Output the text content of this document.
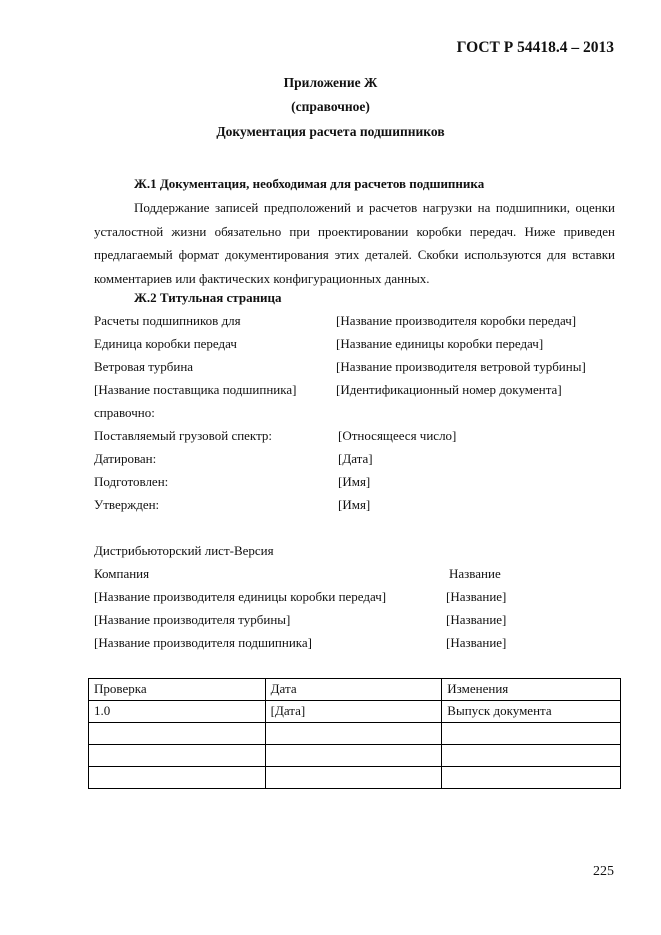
ГОСТ Р 54418.4 – 2013
Приложение Ж
(справочное)
Документация расчета подшипников
Ж.1 Документация, необходимая для расчетов подшипника
Поддержание записей предположений и расчетов нагрузки на подшипники, оценки усталостной жизни обязательно при проектировании коробки передач. Ниже приведен предлагаемый формат документирования этих деталей. Скобки используются для вставки комментариев или фактических конфигурационных данных.
Ж.2 Титульная страница
Расчеты подшипников для	[Название производителя коробки передач]
Единица коробки передач	[Название единицы коробки передач]
Ветровая турбина	[Название производителя ветровой турбины]
[Название поставщика подшипника]	[Идентификационный номер документа]
справочно:
Поставляемый грузовой спектр:	[Относящееся число]
Датирован:	[Дата]
Подготовлен:	[Имя]
Утвержден:	[Имя]
Дистрибьюторский лист-Версия
Компания	Название
[Название производителя единицы коробки передач]	[Название]
[Название производителя турбины]	[Название]
[Название производителя подшипника]	[Название]
Проверка	Дата	Изменения
1.0	[Дата]	Выпуск документа

225
